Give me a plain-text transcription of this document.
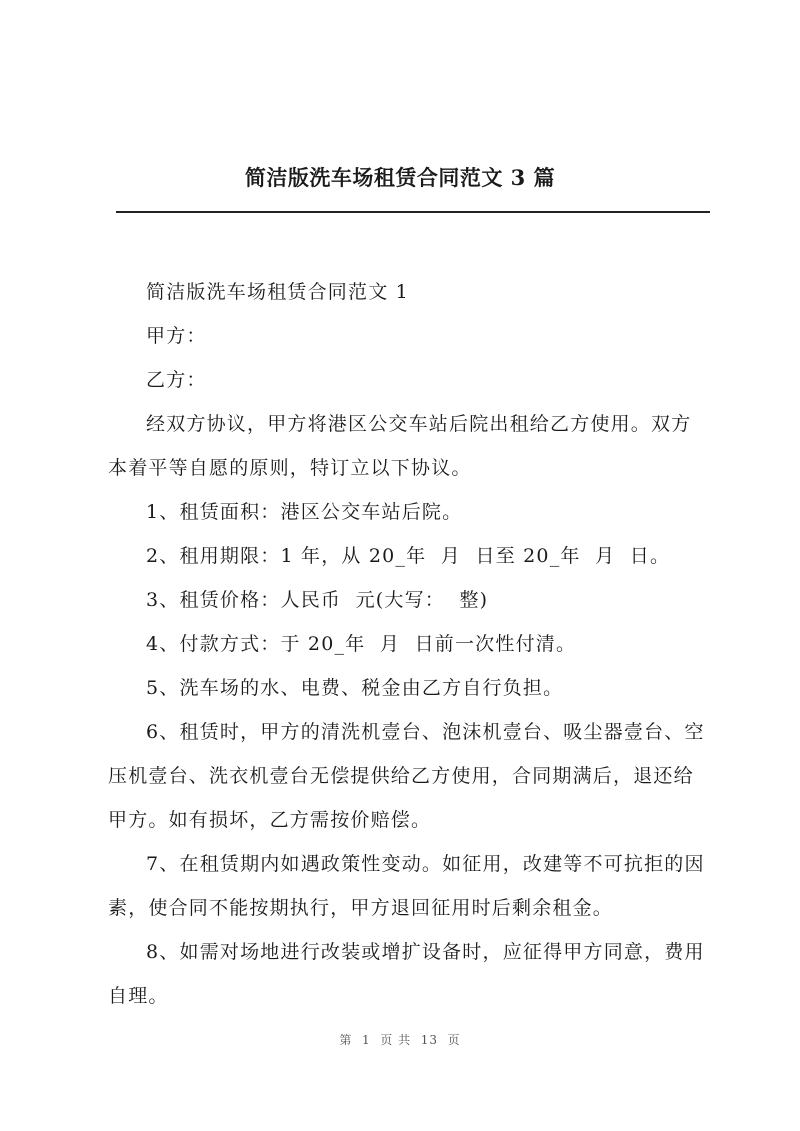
简洁版洗车场租赁合同范文 3 篇

简洁版洗车场租赁合同范文 1

甲方：

乙方：

经双方协议，甲方将港区公交车站后院出租给乙方使用。双方本着平等自愿的原则，特订立以下协议。

1、租赁面积：港区公交车站后院。

2、租用期限：1 年，从 20_年  月  日至 20_年  月  日。

3、租赁价格：人民币  元(大写：  整)

4、付款方式：于 20_年  月  日前一次性付清。

5、洗车场的水、电费、税金由乙方自行负担。

6、租赁时，甲方的清洗机壹台、泡沫机壹台、吸尘器壹台、空压机壹台、洗衣机壹台无偿提供给乙方使用，合同期满后，退还给甲方。如有损坏，乙方需按价赔偿。

7、在租赁期内如遇政策性变动。如征用，改建等不可抗拒的因素，使合同不能按期执行，甲方退回征用时后剩余租金。

8、如需对场地进行改装或增扩设备时，应征得甲方同意，费用自理。

第  1  页 共  13  页
